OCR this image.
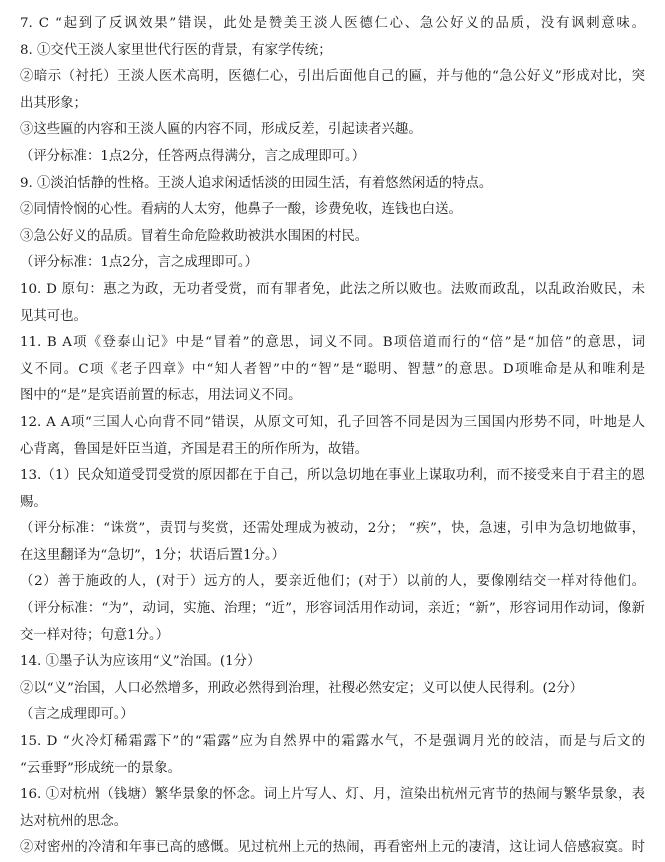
7. C “起到了反讽效果”错误，此处是赞美王淡人医德仁心、急公好义的品质，没有讽刺意味。
8. ①交代王淡人家里世代行医的背景，有家学传统；
②暗示（衬托）王淡人医术高明，医德仁心，引出后面他自己的匾，并与他的“急公好义”形成对比，突
出其形象；
③这些匾的内容和王淡人匾的内容不同，形成反差，引起读者兴趣。
（评分标准：1点2分，任答两点得满分，言之成理即可。）
9. ①淡泊恬静的性格。王淡人追求闲适恬淡的田园生活，有着悠然闲适的特点。
②同情怜悯的心性。看病的人太穷，他鼻子一酸，诊费免收，连钱也白送。
③急公好义的品质。冒着生命危险救助被洪水围困的村民。
（评分标准：1点2分，言之成理即可。）
10. D 原句：惠之为政，无功者受赏，而有罪者免，此法之所以败也。法败而政乱，以乱政治败民，未
见其可也。
11. B A项《登泰山记》中是“冒着”的意思，词义不同。B项倍道而行的“倍”是“加倍”的意思，词
义不同。C项《老子四章》中“知人者智”中的“智”是“聪明、智慧”的意思。D项唯命是从和唯利是
图中的“是”是宾语前置的标志，用法词义不同。
12. A A项“三国人心向背不同”错误，从原文可知，孔子回答不同是因为三国国内形势不同，叶地是人
心背离，鲁国是奸臣当道，齐国是君王的所作所为，故错。
13.（1）民众知道受罚受赏的原因都在于自己，所以急切地在事业上谋取功利，而不接受来自于君主的恩
赐。
（评分标准：“诛赏”，责罚与奖赏，还需处理成为被动，2分； “疾”，快，急速，引申为急切地做事，
在这里翻译为“急切”，1分；状语后置1分。）
（2）善于施政的人，(对于）远方的人，要亲近他们；(对于）以前的人，要像刚结交一样对待他们。
（评分标准：“为”，动词，实施、治理；“近”，形容词活用作动词，亲近；“新”，形容词用作动词，像新
交一样对待；句意1分。）
14. ①墨子认为应该用“义”治国。(1分）
②以“义”治国，人口必然增多，刑政必然得到治理，社稷必然安定；义可以使人民得利。(2分）
（言之成理即可。）
15. D “火冷灯稀霜露下”的“霜露”应为自然界中的霜露水气，不是强调月光的皎洁，而是与后文的
“云垂野”形成统一的景象。
16. ①对杭州（钱塘）繁华景象的怀念。词上片写人、灯、月，渲染出杭州元宵节的热闹与繁华景象，表
达对杭州的思念。
②对密州的冷清和年事已高的感慨。见过杭州上元的热闹，再看密州上元的凄清，这让词人倍感寂寞。时
